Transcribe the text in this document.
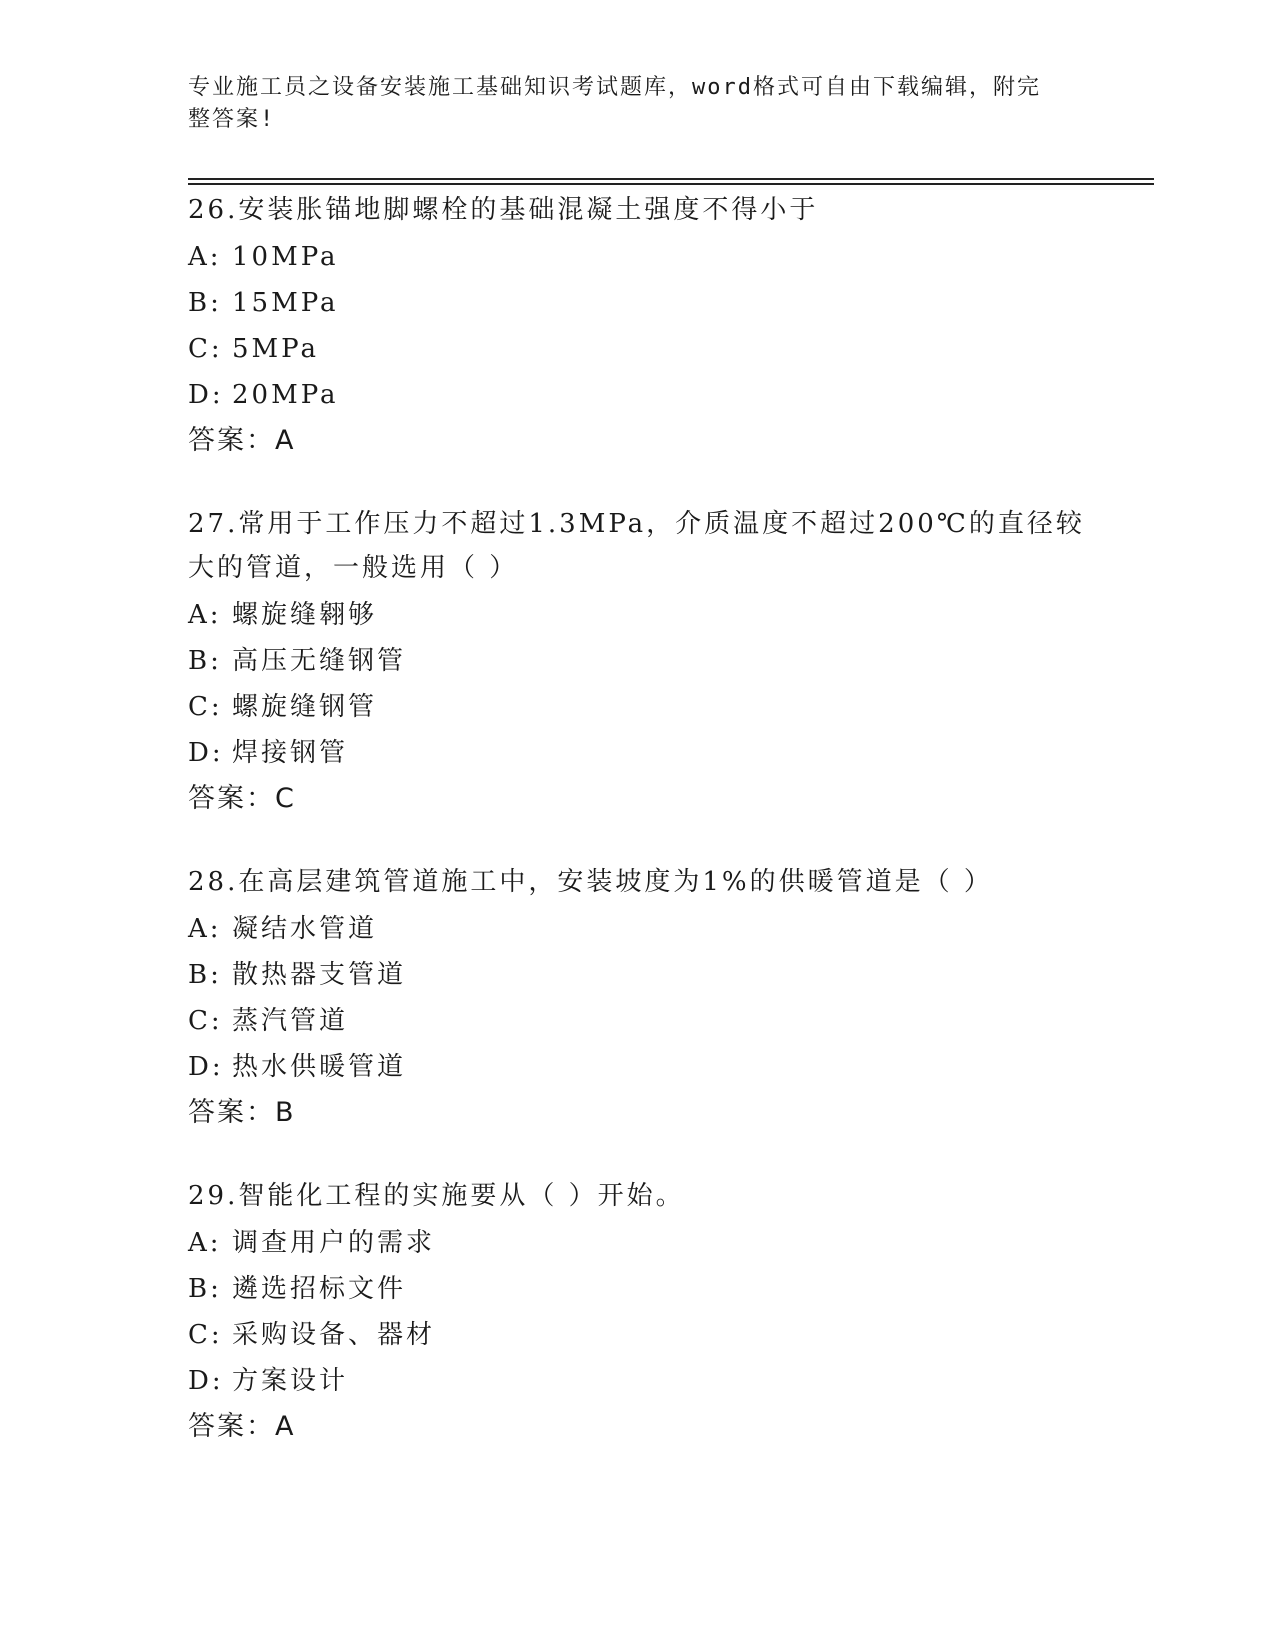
专业施工员之设备安装施工基础知识考试题库，word格式可自由下载编辑，附完
整答案!
26.安装胀锚地脚螺栓的基础混凝土强度不得小于
A: 10MPa
B: 15MPa
C: 5MPa
D: 20MPa
答案：A
27.常用于工作压力不超过1.3MPa，介质温度不超过200℃的直径较大的管道，一般选用（ ）
A: 螺旋缝翱够
B: 高压无缝钢管
C: 螺旋缝钢管
D: 焊接钢管
答案：C
28.在高层建筑管道施工中，安装坡度为1%的供暖管道是（ ）
A: 凝结水管道
B: 散热器支管道
C: 蒸汽管道
D: 热水供暖管道
答案：B
29.智能化工程的实施要从（ ）开始。
A: 调查用户的需求
B: 遴选招标文件
C: 采购设备、器材
D: 方案设计
答案：A
